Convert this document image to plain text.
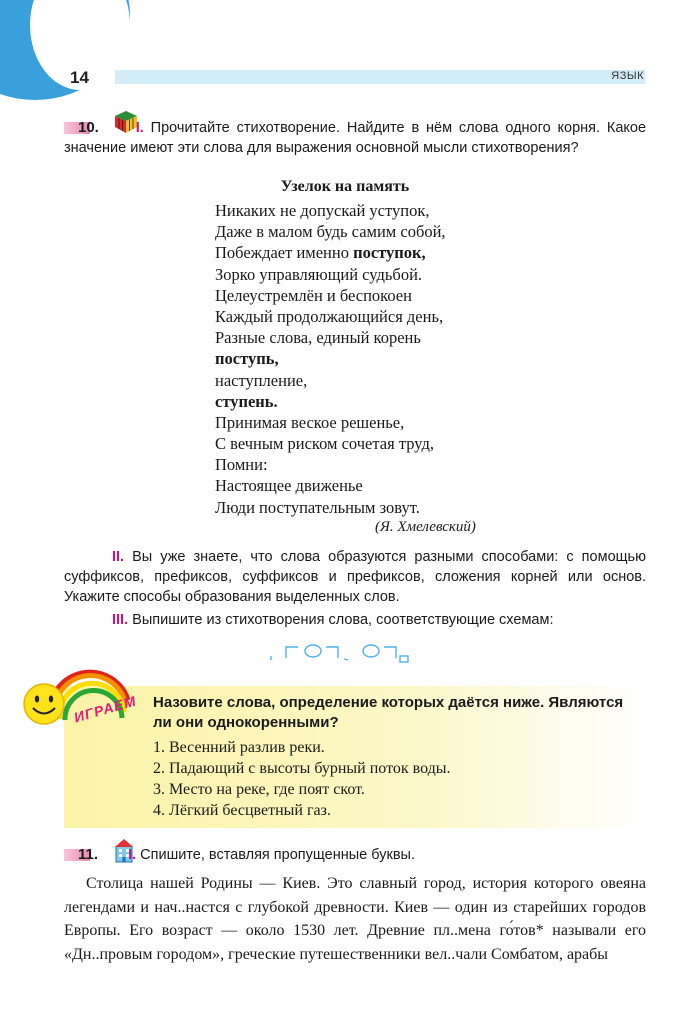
14	ЯЗЫК
10.	I. Прочитайте стихотворение. Найдите в нём слова одного корня. Какое значение имеют эти слова для выражения основной мысли стихотворения?
Узелок на память
Никаких не допускай уступок,
Даже в малом будь самим собой,
Побеждает именно поступок,
Зорко управляющий судьбой.
Целеустремлён и беспокоен
Каждый продолжающийся день,
Разные слова, единый корень
поступь,
наступление,
ступень.
Принимая веское решенье,
С вечным риском сочетая труд,
Помни:
Настоящее движенье
Люди поступательным зовут.
(Я. Хмелевский)
II. Вы уже знаете, что слова образуются разными способами: с помощью суффиксов, префиксов, суффиксов и префиксов, сложения корней или основ. Укажите способы образования выделенных слов.
III. Выпишите из стихотворения слова, соответствующие схемам:
ИГРАЕМ Назовите слова, определение которых даётся ниже. Являются ли они однокоренными?
1. Весенний разлив реки.
2. Падающий с высоты бурный поток воды.
3. Место на реке, где поят скот.
4. Лёгкий бесцветный газ.
11. I. Спишите, вставляя пропущенные буквы.
Столица нашей Родины — Киев. Это славный город, история которого овеяна легендами и нач..настся с глубокой древности. Киев — один из старейших городов Европы. Его возраст — около 1530 лет. Древние пл..мена го́тов* называли его «Дн..провым городом», греческие путешественники вел..чали Сомбатом, арабы
